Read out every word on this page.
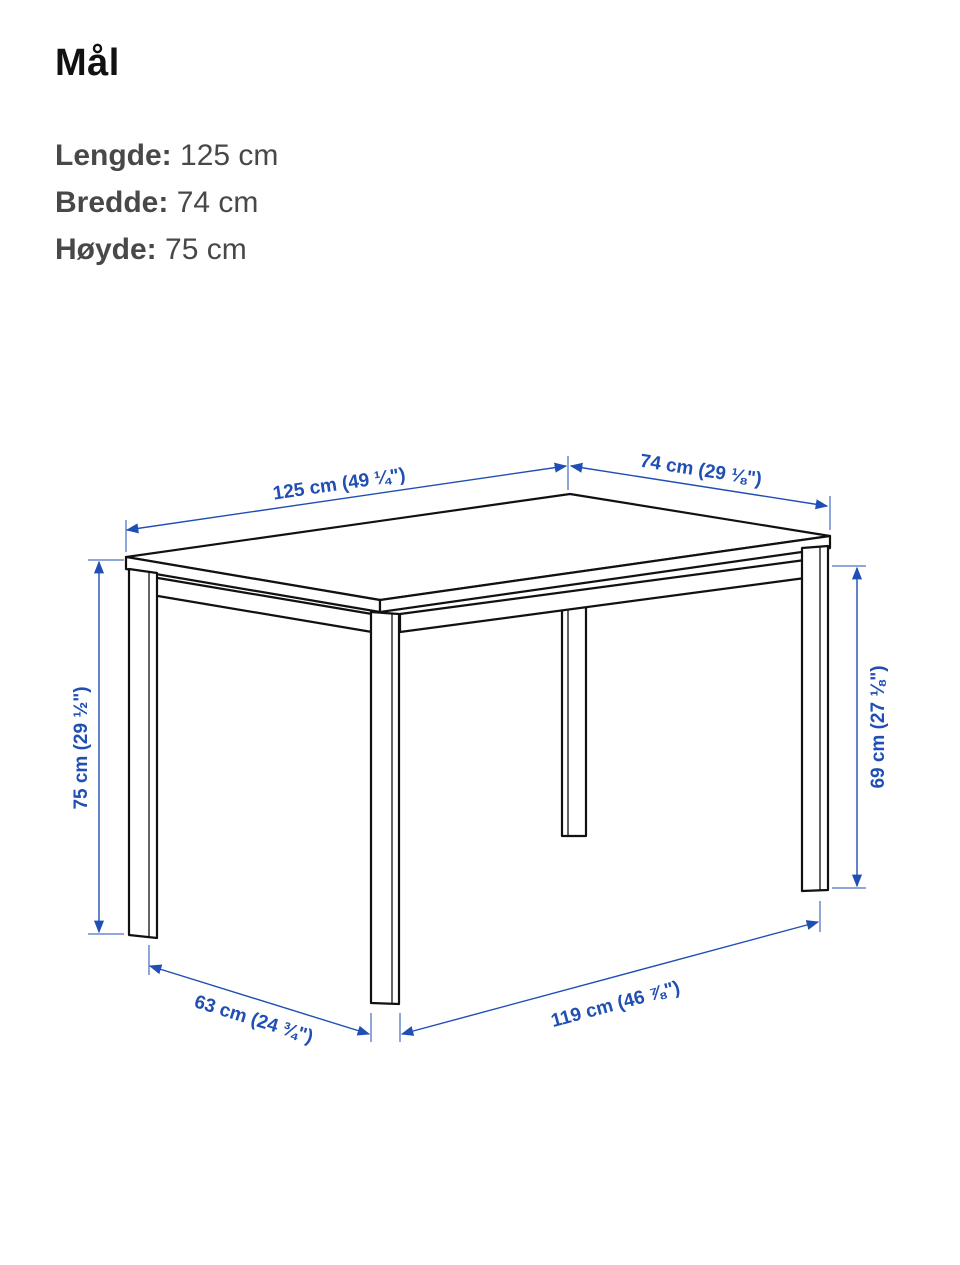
Mål
Lengde: 125 cm
Bredde: 74 cm
Høyde: 75 cm
125 cm (49 ¼")	74 cm (29 ⅛")
75 cm (29 ½")	69 cm (27 ⅛")
63 cm (24 ¾")	119 cm (46 ⅞")
